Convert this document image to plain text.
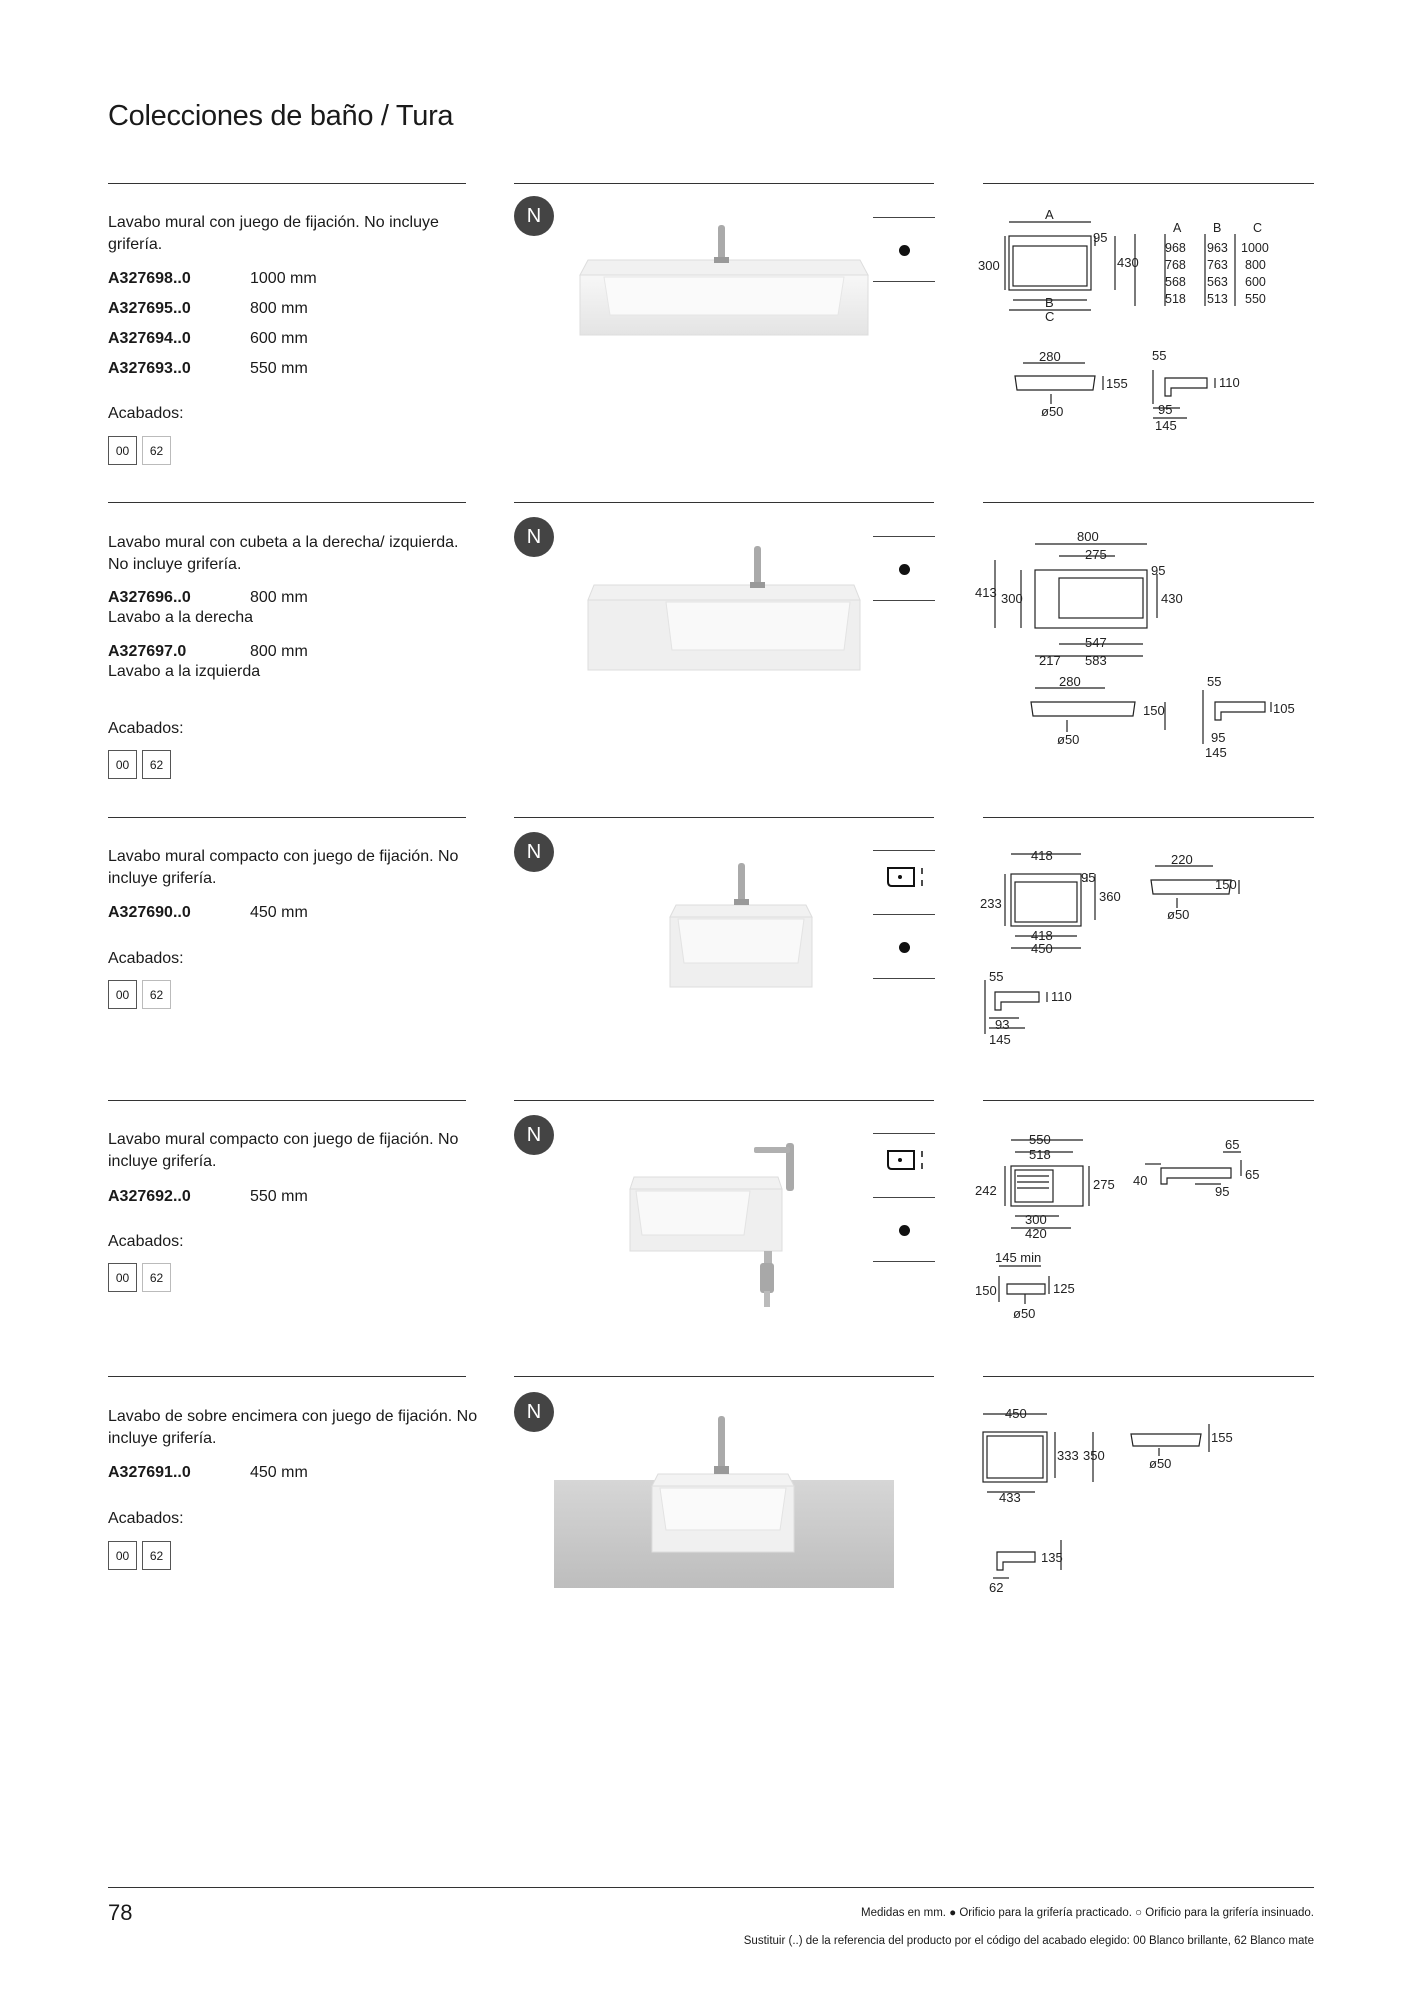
Colecciones de baño / Tura
Lavabo mural con juego de fijación. No incluye grifería.
A327698..0	1000 mm
A327695..0	800 mm
A327694..0	600 mm
A327693..0	550 mm
Acabados:
00	62
N	A
95
430
300
B
C
280
155
ø50
55
110
95
145
A	B	C
968 963 1000
768 763 800
568 563 600
518 513 550
Lavabo mural con cubeta a la derecha/ izquierda. No incluye grifería.
A327696..0	800 mm
Lavabo a la derecha
A327697.0	800 mm
Lavabo a la izquierda
Acabados:
00	62
N	800
275
95
413 300	430
547
217 583
280
150
ø50
55
105
95
145
Lavabo mural compacto con juego de fijación. No incluye grifería.
A327690..0	450 mm
Acabados:
00	62
N	418
95
360
233
418
450
220
150
ø50
55
110
93
145
Lavabo mural compacto con juego de fijación. No incluye grifería.
A327692..0	550 mm
Acabados:
00	62
N	550
518
242	275
300
420
65
40	65
95
145 min
150	125
ø50
Lavabo de sobre encimera con juego de fijación. No incluye grifería.
A327691..0	450 mm
Acabados:
00	62
N	450
333 350
433
155
ø50
135
62
78	Medidas en mm. ● Orificio para la grifería practicado. ○ Orificio para la grifería insinuado.
Sustituir (..) de la referencia del producto por el código del acabado elegido: 00 Blanco brillante, 62 Blanco mate
